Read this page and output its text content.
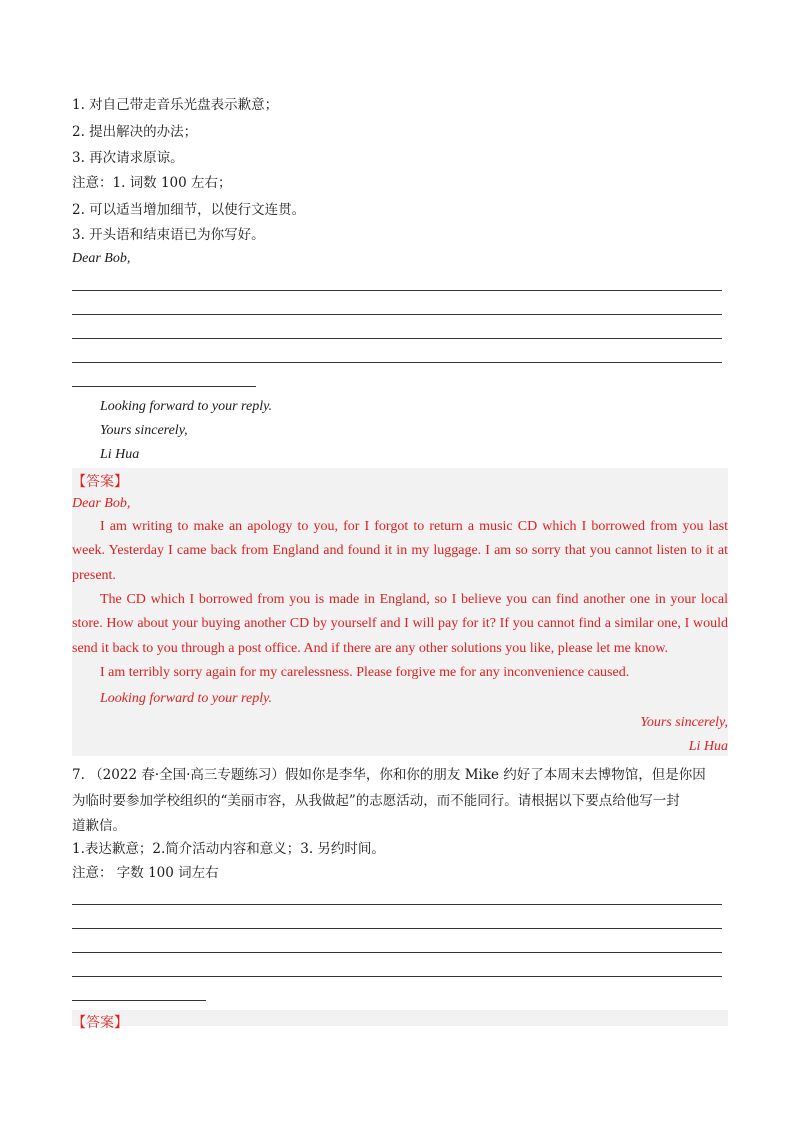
1. 对自己带走音乐光盘表示歉意；
2. 提出解决的办法；
3. 再次请求原谅。
注意：1. 词数 100 左右；
2. 可以适当增加细节，以使行文连贯。
3. 开头语和结束语已为你写好。
Dear Bob,
Looking forward to your reply.
Yours sincerely,
Li Hua
【答案】
Dear Bob,
I am writing to make an apology to you, for I forgot to return a music CD which I borrowed from you last week. Yesterday I came back from England and found it in my luggage. I am so sorry that you cannot listen to it at present.
The CD which I borrowed from you is made in England, so I believe you can find another one in your local store. How about your buying another CD by yourself and I will pay for it? If you cannot find a similar one, I would send it back to you through a post office. And if there are any other solutions you like, please let me know.
I am terribly sorry again for my carelessness. Please forgive me for any inconvenience caused.
Looking forward to your reply.
Yours sincerely,
Li Hua
7. （2022 春·全国·高三专题练习）假如你是李华，你和你的朋友 Mike 约好了本周末去博物馆，但是你因
为临时要参加学校组织的“美丽市容，从我做起”的志愿活动，而不能同行。请根据以下要点给他写一封
道歉信。
1.表达歉意；2.简介活动内容和意义；3. 另约时间。
注意： 字数 100 词左右
【答案】
